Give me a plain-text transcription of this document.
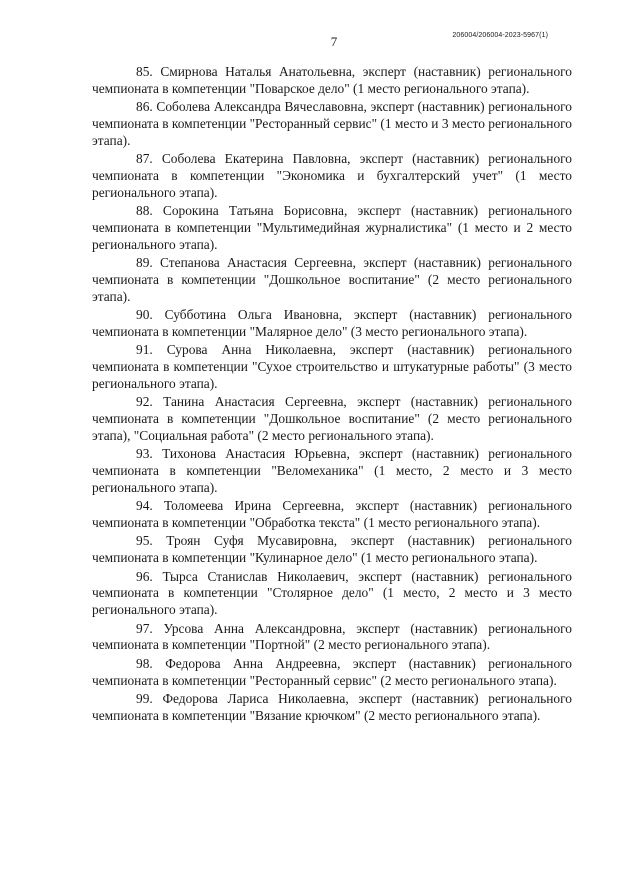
7	206004/206004-2023-5967(1)

85. Смирнова Наталья Анатольевна, эксперт (наставник) регионального чемпионата в компетенции "Поварское дело" (1 место регионального этапа).

86. Соболева Александра Вячеславовна, эксперт (наставник) регионального чемпионата в компетенции "Ресторанный сервис" (1 место и 3 место регионального этапа).

87. Соболева Екатерина Павловна, эксперт (наставник) регионального чемпионата в компетенции "Экономика и бухгалтерский учет" (1 место регионального этапа).

88. Сорокина Татьяна Борисовна, эксперт (наставник) регионального чемпионата в компетенции "Мультимедийная журналистика" (1 место и 2 место регионального этапа).

89. Степанова Анастасия Сергеевна, эксперт (наставник) регионального чемпионата в компетенции "Дошкольное воспитание" (2 место регионального этапа).

90. Субботина Ольга Ивановна, эксперт (наставник) регионального чемпионата в компетенции "Малярное дело" (3 место регионального этапа).

91. Сурова Анна Николаевна, эксперт (наставник) регионального чемпионата в компетенции "Сухое строительство и штукатурные работы" (3 место регионального этапа).

92. Танина Анастасия Сергеевна, эксперт (наставник) регионального чемпионата в компетенции "Дошкольное воспитание" (2 место регионального этапа), "Социальная работа" (2 место регионального этапа).

93. Тихонова Анастасия Юрьевна, эксперт (наставник) регионального чемпионата в компетенции "Веломеханика" (1 место, 2 место и 3 место регионального этапа).

94. Толомеева Ирина Сергеевна, эксперт (наставник) регионального чемпионата в компетенции "Обработка текста" (1 место регионального этапа).

95. Троян Суфя Мусавировна, эксперт (наставник) регионального чемпионата в компетенции "Кулинарное дело" (1 место регионального этапа).

96. Тырса Станислав Николаевич, эксперт (наставник) регионального чемпионата в компетенции "Столярное дело" (1 место, 2 место и 3 место регионального этапа).

97. Урсова Анна Александровна, эксперт (наставник) регионального чемпионата в компетенции "Портной" (2 место регионального этапа).

98. Федорова Анна Андреевна, эксперт (наставник) регионального чемпионата в компетенции "Ресторанный сервис" (2 место регионального этапа).

99. Федорова Лариса Николаевна, эксперт (наставник) регионального чемпионата в компетенции "Вязание крючком" (2 место регионального этапа).
